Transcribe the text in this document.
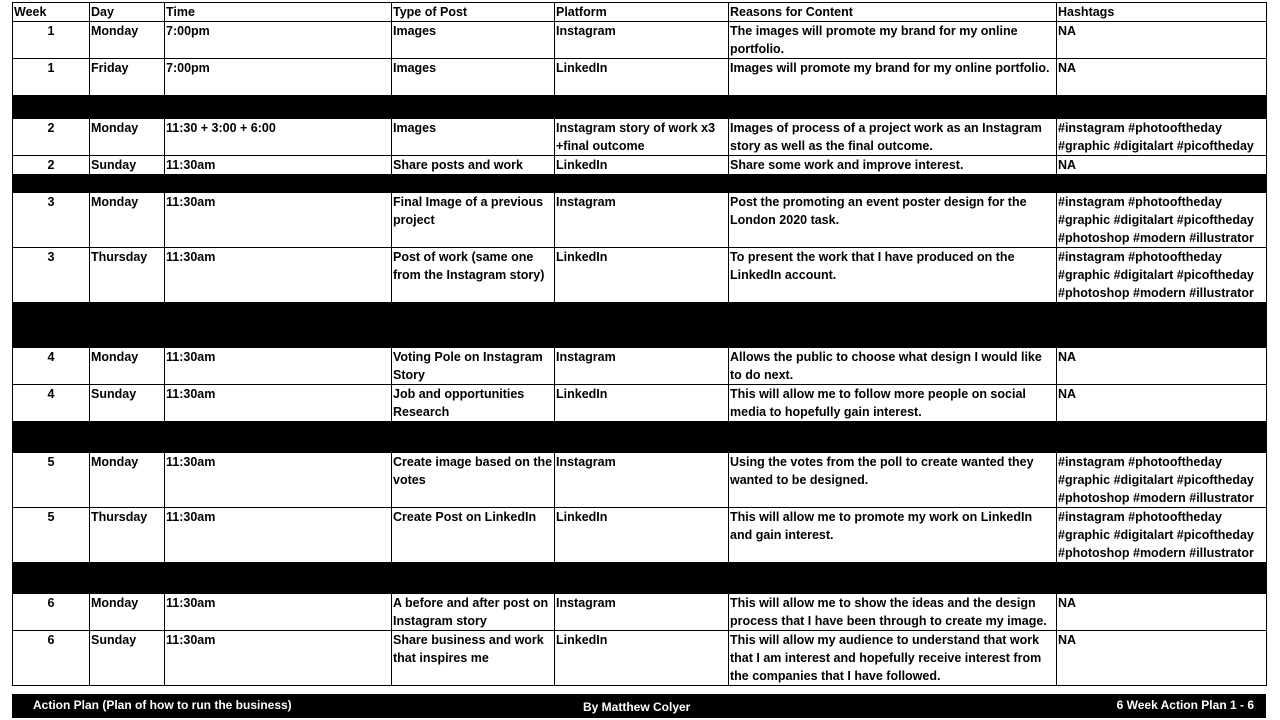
Week	Day	Time	Type of Post	Platform	Reasons for Content	Hashtags
1	Monday	7:00pm	Images	Instagram	The images will promote my brand for my online portfolio.	NA
1	Friday	7:00pm	Images	LinkedIn	Images will promote my brand for my online portfolio.	NA

2	Monday	11:30 + 3:00 + 6:00	Images	Instagram story of work x3 +final outcome	Images of process of a project work as an Instagram story as well as the final outcome.	#instagram #photooftheday #graphic #digitalart #picoftheday
2	Sunday	11:30am	Share posts and work	LinkedIn	Share some work and improve interest.	NA

3	Monday	11:30am	Final Image of a previous project	Instagram	Post the promoting an event poster design for the London 2020 task.	#instagram #photooftheday #graphic #digitalart #picoftheday #photoshop #modern #illustrator
3	Thursday	11:30am	Post of work (same one from the Instagram story)	LinkedIn	To present the work that I have produced on the LinkedIn account.	#instagram #photooftheday #graphic #digitalart #picoftheday #photoshop #modern #illustrator

4	Monday	11:30am	Voting Pole on Instagram Story	Instagram	Allows the public to choose what design I would like to do next.	NA
4	Sunday	11:30am	Job and opportunities Research	LinkedIn	This will allow me to follow more people on social media to hopefully gain interest.	NA

5	Monday	11:30am	Create image based on the votes	Instagram	Using the votes from the poll to create wanted they wanted to be designed.	#instagram #photooftheday #graphic #digitalart #picoftheday #photoshop #modern #illustrator
5	Thursday	11:30am	Create Post on LinkedIn	LinkedIn	This will allow me to promote my work on LinkedIn and gain interest.	#instagram #photooftheday #graphic #digitalart #picoftheday #photoshop #modern #illustrator

6	Monday	11:30am	A before and after post on Instagram story	Instagram	This will allow me to show the ideas and the design process that I have been through to create my image.	NA
6	Sunday	11:30am	Share business and work that inspires me	LinkedIn	This will allow my audience to understand that work that I am interest and hopefully receive interest from the companies that I have followed.	NA
Action Plan (Plan of how to run the business)	By Matthew Colyer	6 Week Action Plan 1 - 6
